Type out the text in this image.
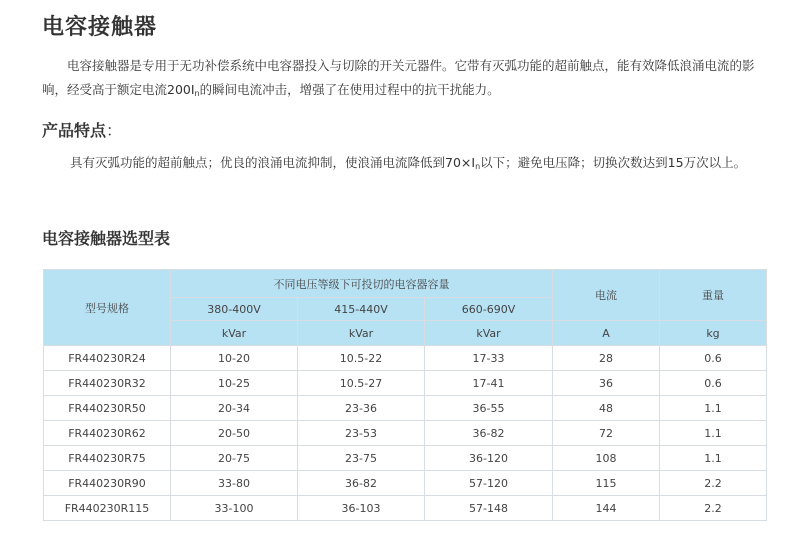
电容接触器

电容接触器是专用于无功补偿系统中电容器投入与切除的开关元器件。它带有灭弧功能的超前触点，能有效降低浪涌电流的影响，经受高于额定电流$200I_n$的瞬间电流冲击，增强了在使用过程中的抗干扰能力。

产品特点：

具有灭弧功能的超前触点；优良的浪涌电流抑制，使浪涌电流降低到$70\times I_n$以下；避免电压降；切换次数达到15万次以上。

电容接触器选型表
型号规格	不同电压等级下可投切的电容器容量			电流	重量
	380-400V	415-440V	660-690V		
	kVar	kVar	kVar	A	kg
FR440230R24	10-20	10.5-22	17-33	28	0.6
FR440230R32	10-25	10.5-27	17-41	36	0.6
FR440230R50	20-34	23-36	36-55	48	1.1
FR440230R62	20-50	23-53	36-82	72	1.1
FR440230R75	20-75	23-75	36-120	108	1.1
FR440230R90	33-80	36-82	57-120	115	2.2
FR440230R115	33-100	36-103	57-148	144	2.2
